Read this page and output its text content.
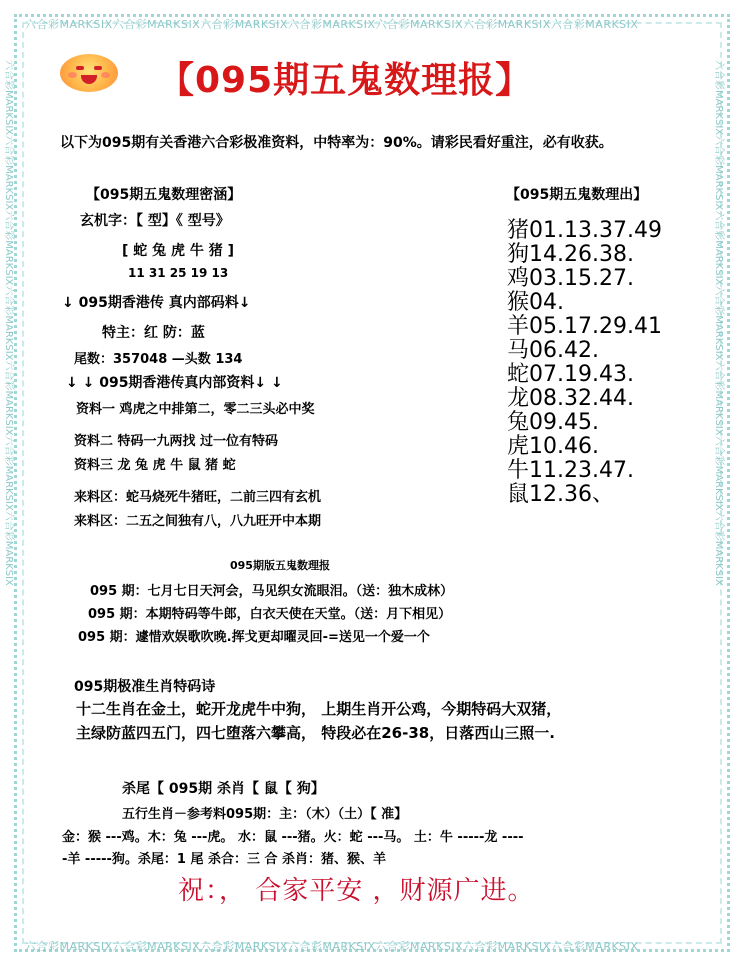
六合彩MARKSIX六合彩MARKSIX六合彩MARKSIX六合彩MARKSIX六合彩MARKSIX六合彩MARKSIX六合彩MARKSIX
六合彩MARKSIX六合彩MARKSIX六合彩MARKSIX六合彩MARKSIX六合彩MARKSIX六合彩MARKSIX六合彩MARKSIX
六合彩MARKSIX六合彩MARKSIX六合彩MARKSIX六合彩MARKSIX六合彩MARKSIX六合彩MARKSIX六合彩MARKSIX	六合彩MARKSIX六合彩MARKSIX六合彩MARKSIX六合彩MARKSIX六合彩MARKSIX六合彩MARKSIX六合彩MARKSIX
【095期五鬼数理报】
以下为095期有关香港六合彩极准资料，中特率为：90%。请彩民看好重注，必有收获。
【095期五鬼数理密涵】
玄机字：【 型】《 型号》
[ 蛇 兔 虎 牛 猪 ]
11 31 25 19 13
↓ 095期香港传 真内部码料↓
特主：红 防：蓝
尾数：357048 —头数 134
↓ ↓ 095期香港传真内部资料↓ ↓
资料一 鸡虎之中排第二，零二三头必中奖
资料二 特码一九两找 过一位有特码
资料三 龙 兔 虎 牛 鼠 猪 蛇
来料区：蛇马烧死牛猪旺，二前三四有玄机
来料区：二五之间独有八，八九旺开中本期
【095期五鬼数理出】
猪01.13.37.49
狗14.26.38.
鸡03.15.27.
猴04.
羊05.17.29.41
马06.42.
蛇07.19.43.
龙08.32.44.
兔09.45.
虎10.46.
牛11.23.47.
鼠12.36、
095期版五鬼数理报
095 期：七月七日天河会，马见织女流眼泪。（送：独木成林）
095 期：本期特码等牛郎，白衣天使在天堂。（送：月下相见）
095 期：遽惜欢娱歌吹晚.挥戈更却曜灵回-=送见一个爱一个
095期极准生肖特码诗
十二生肖在金土，蛇开龙虎牛中狗， 上期生肖开公鸡，今期特码大双猪，
主绿防蓝四五门，四七堕落六攀高， 特段必在26-38，日落西山三照一.
杀尾【 095期 杀肖【 鼠【 狗】
五行生肖－参考料095期：主：（木）（土）【 准】
金：猴 ---鸡。木：兔 ---虎。 水：鼠 ---猪。火：蛇 ---马。 土：牛 -----龙 ----
-羊 -----狗。杀尾：1 尾 杀合：三 合 杀肖：猪、猴、羊
祝：， 合家平安 ，财源广进。
